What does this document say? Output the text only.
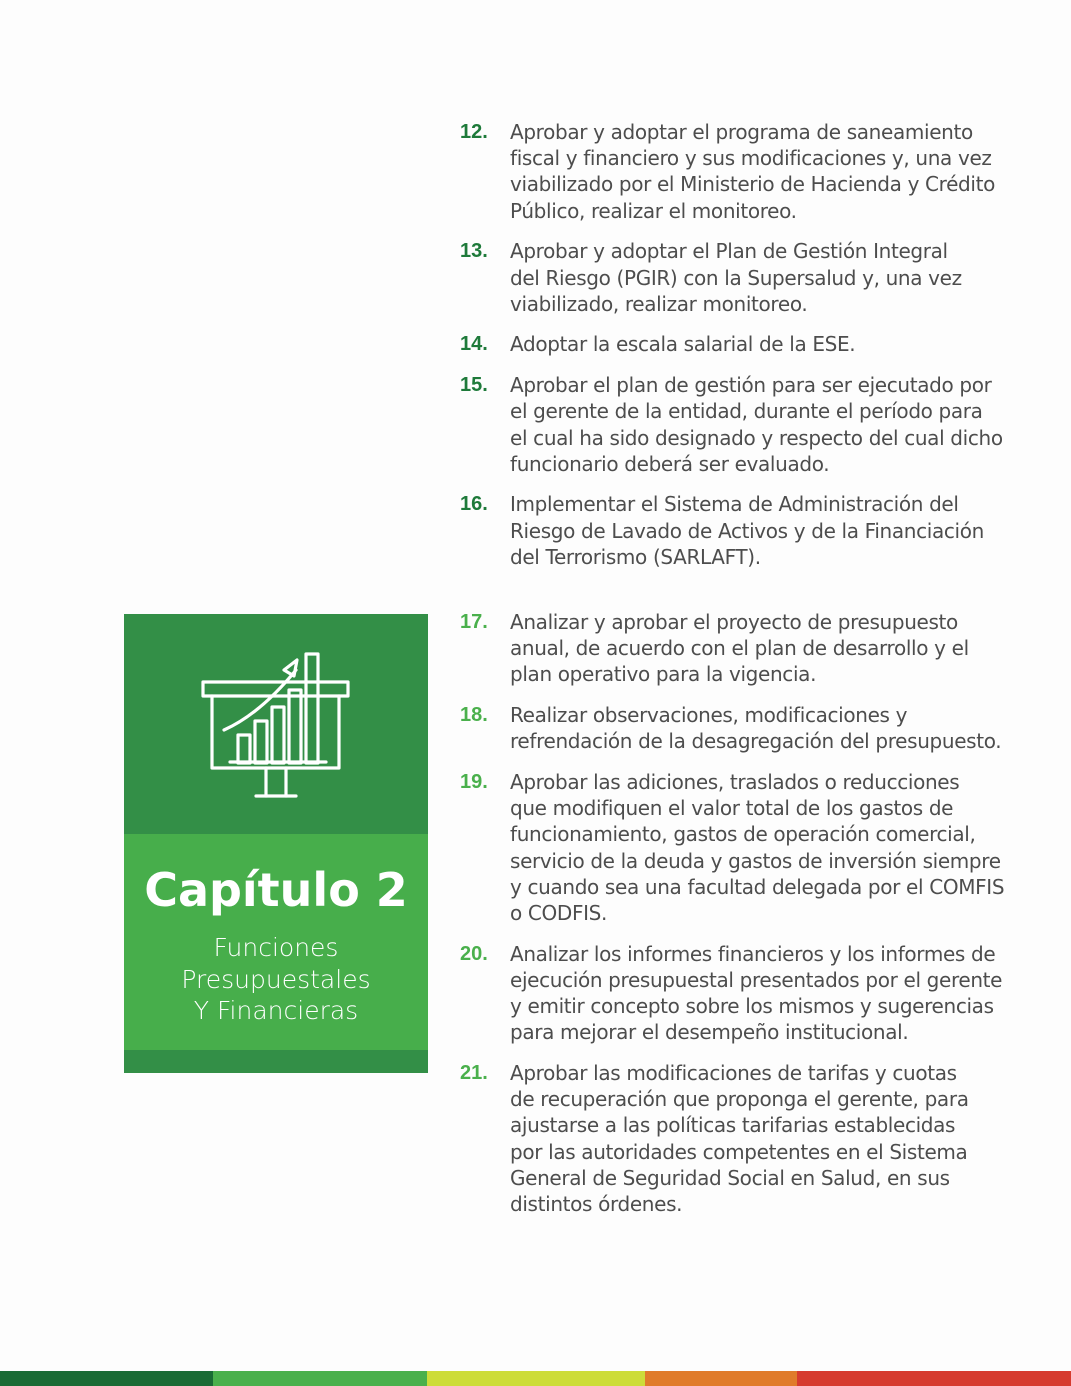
12.	Aprobar y adoptar el programa de saneamiento
fiscal y financiero y sus modificaciones y, una vez
viabilizado por el Ministerio de Hacienda y Crédito
Público, realizar el monitoreo.
13.	Aprobar y adoptar el Plan de Gestión Integral
del Riesgo (PGIR) con la Supersalud y, una vez
viabilizado, realizar monitoreo.
14.	Adoptar la escala salarial de la ESE.
15.	Aprobar el plan de gestión para ser ejecutado por
el gerente de la entidad, durante el período para
el cual ha sido designado y respecto del cual dicho
funcionario deberá ser evaluado.
16.	Implementar el Sistema de Administración del
Riesgo de Lavado de Activos y de la Financiación
del Terrorismo (SARLAFT).
17.	Analizar y aprobar el proyecto de presupuesto
anual, de acuerdo con el plan de desarrollo y el
plan operativo para la vigencia.
18.	Realizar observaciones, modificaciones y
refrendación de la desagregación del presupuesto.
19.	Aprobar las adiciones, traslados o reducciones
que modifiquen el valor total de los gastos de
funcionamiento, gastos de operación comercial,
servicio de la deuda y gastos de inversión siempre
y cuando sea una facultad delegada por el COMFIS
o CODFIS.
20.	Analizar los informes financieros y los informes de
ejecución presupuestal presentados por el gerente
y emitir concepto sobre los mismos y sugerencias
para mejorar el desempeño institucional.
21.	Aprobar las modificaciones de tarifas y cuotas
de recuperación que proponga el gerente, para
ajustarse a las políticas tarifarias establecidas
por las autoridades competentes en el Sistema
General de Seguridad Social en Salud, en sus
distintos órdenes.
Capítulo 2
Funciones
Presupuestales
Y Financieras
